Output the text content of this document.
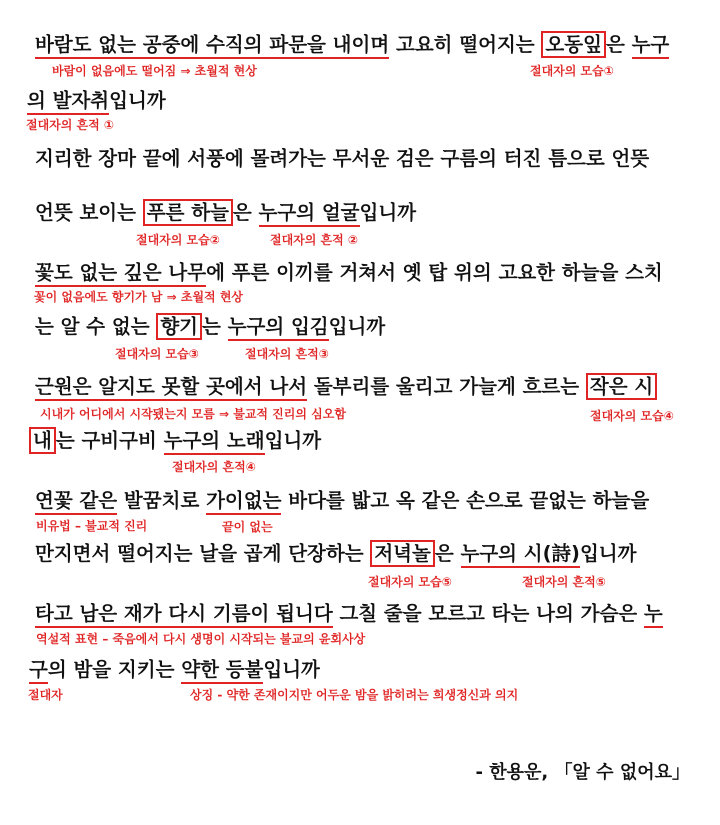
바람도 없는 공중에 수직의 파문을 내이며 고요히 떨어지는 오동잎 은 누구

바람이 없음에도 떨어짐 ⇒ 초월적 현상	절대자의 모습①

의 발자취입니까

절대자의 흔적 ①

지리한 장마 끝에 서풍에 몰려가는 무서운 검은 구름의 터진 틈으로 언뜻

언뜻 보이는 푸른 하늘 은 누구의 얼굴입니까

절대자의 모습②	절대자의 흔적 ②

꽃도 없는 깊은 나무에 푸른 이끼를 거쳐서 옛 탑 위의 고요한 하늘을 스치

꽃이 없음에도 향기가 남 ⇒ 초월적 현상

는 알 수 없는 향기 는 누구의 입김입니까

절대자의 모습③	절대자의 흔적③

근원은 알지도 못할 곳에서 나서 돌부리를 울리고 가늘게 흐르는 작은 시

시내가 어디에서 시작됐는지 모름 ⇒ 불교적 진리의 심오함	절대자의 모습④

내 는 구비구비 누구의 노래입니까

절대자의 흔적④

연꽃 같은 발꿈치로 가이없는 바다를 밟고 옥 같은 손으로 끝없는 하늘을

비유법 – 불교적 진리	끝이 없는

만지면서 떨어지는 날을 곱게 단장하는 저녁놀 은 누구의 시(詩)입니까

절대자의 모습⑤	절대자의 흔적⑤

타고 남은 재가 다시 기름이 됩니다 그칠 줄을 모르고 타는 나의 가슴은 누

역설적 표현 – 죽음에서 다시 생명이 시작되는 불교의 윤회사상

구의 밤을 지키는 약한 등불입니까

절대자	상징 - 약한 존재이지만 어두운 밤을 밝히려는 희생정신과 의지
- 한용운, 「알 수 없어요」
